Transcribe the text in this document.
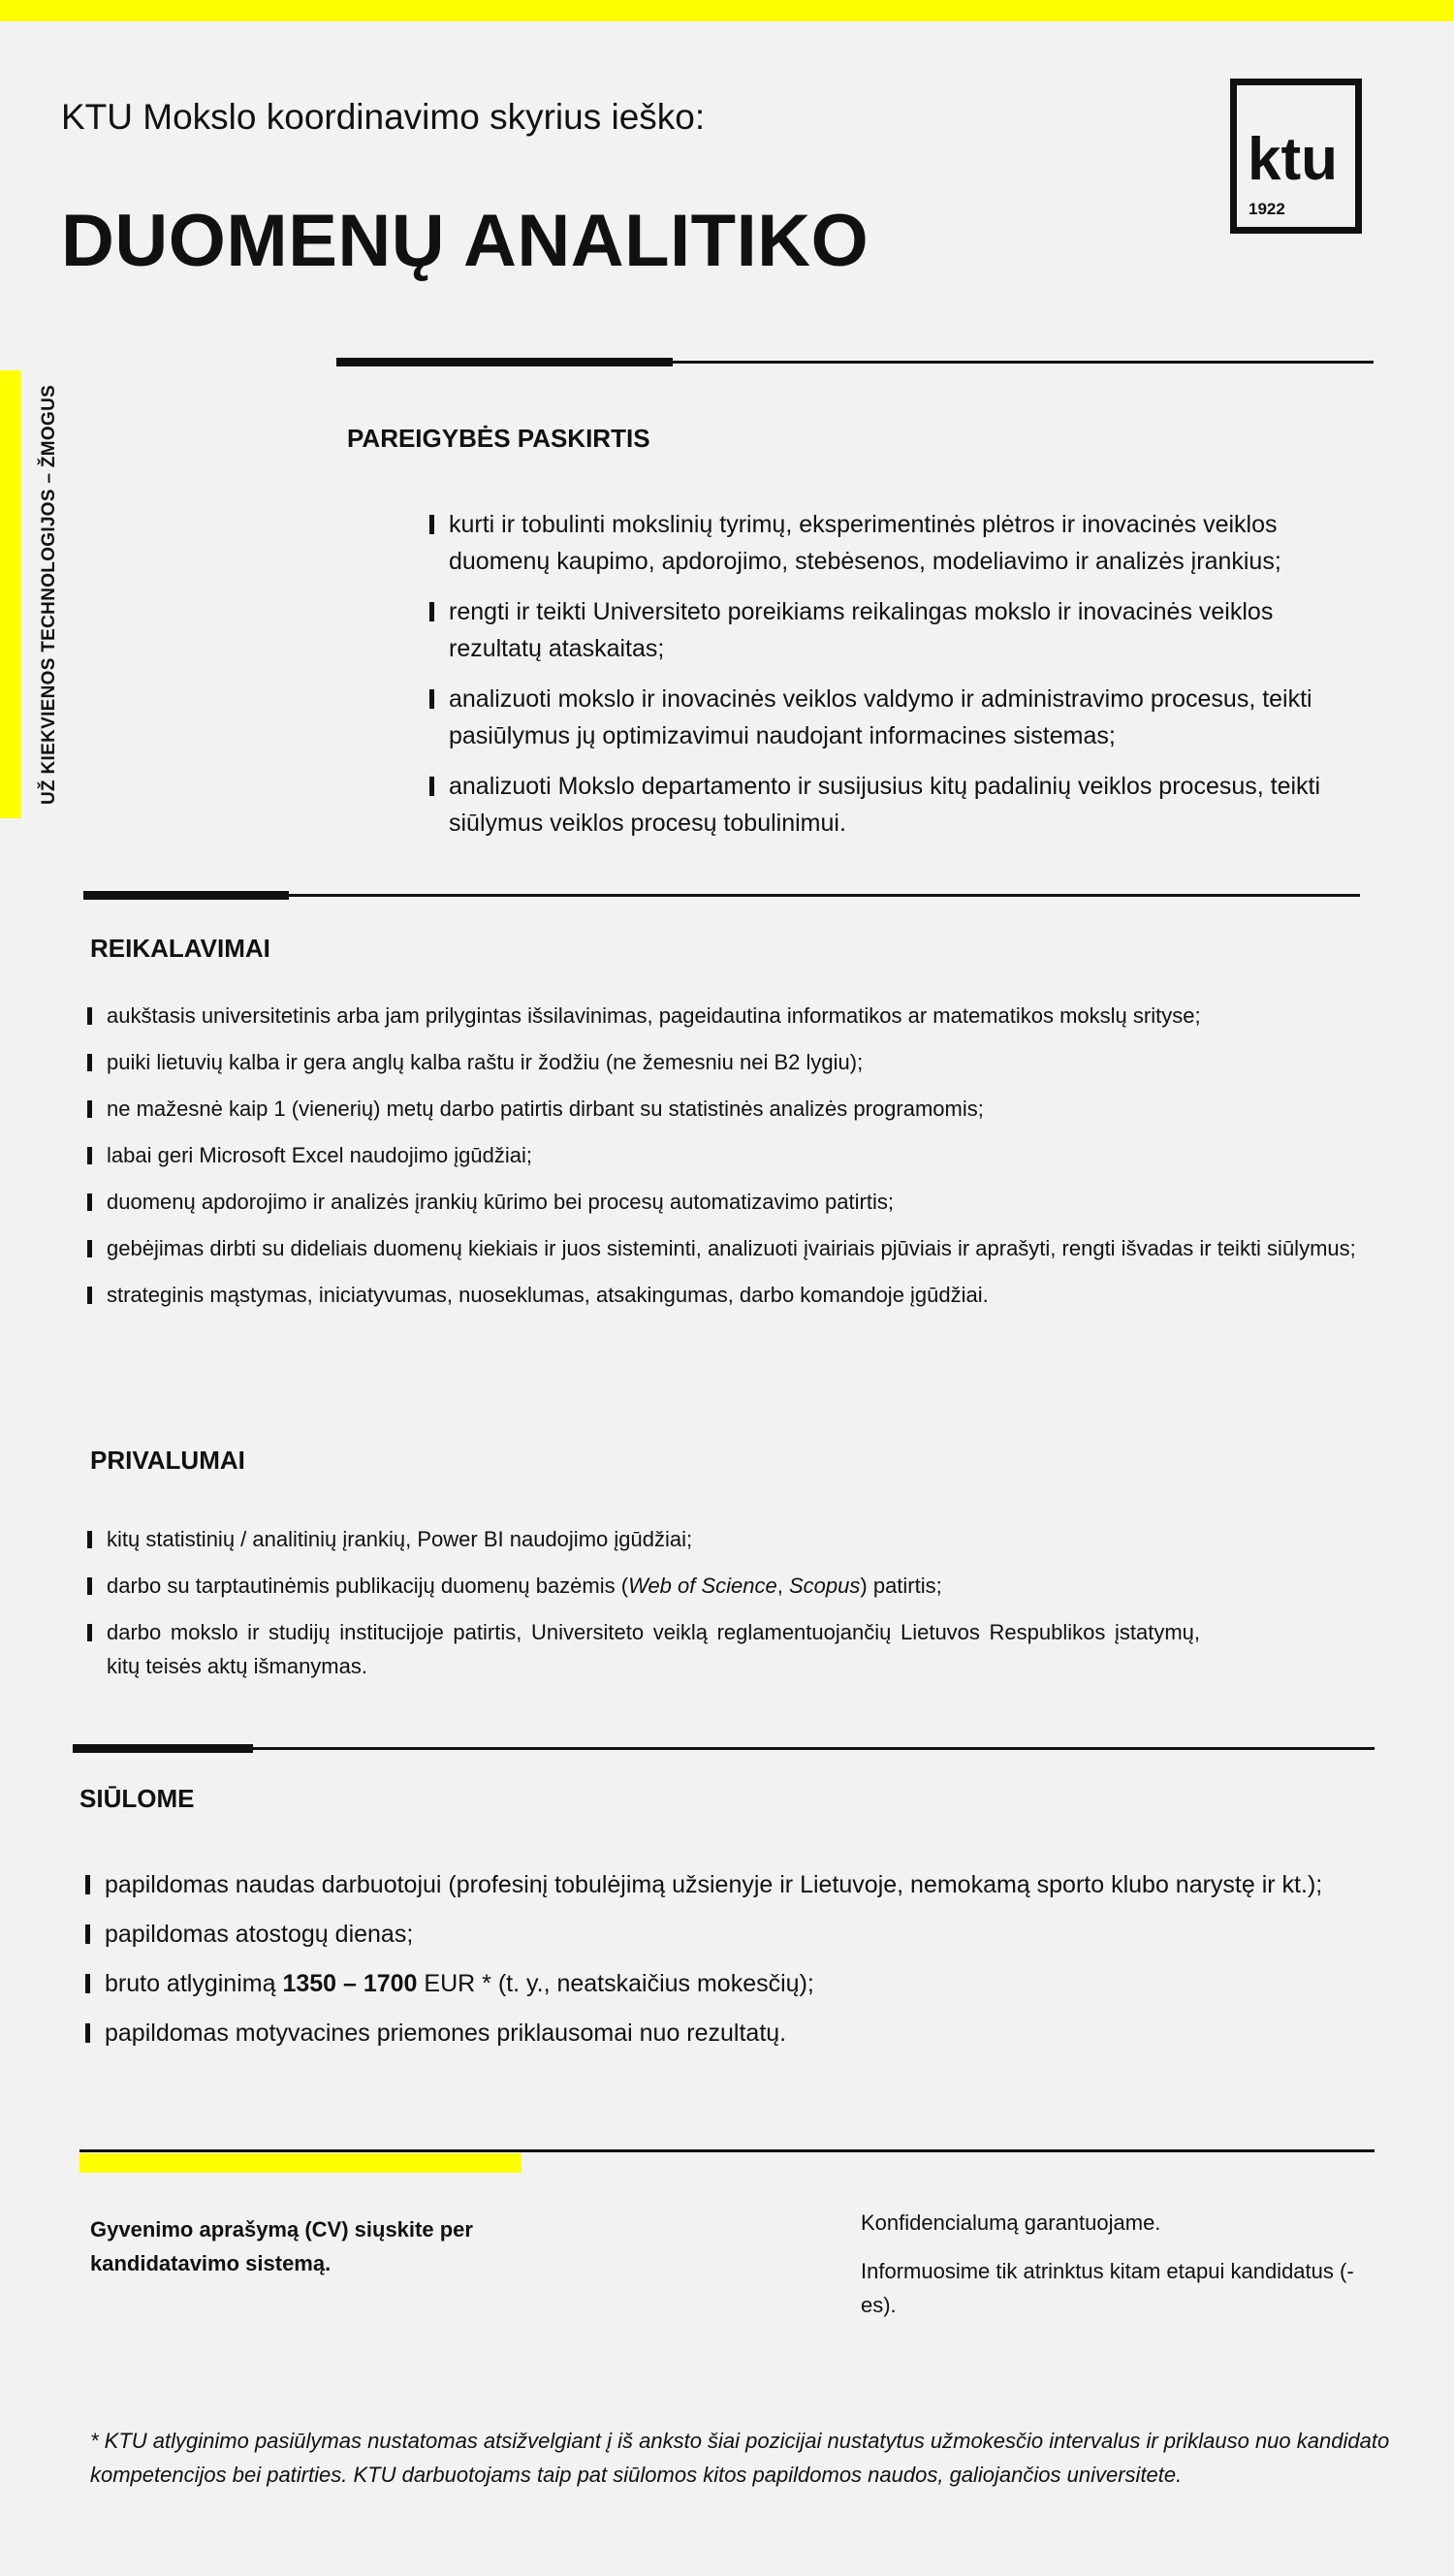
UŽ KIEKVIENOS TECHNOLOGIJOS – ŽMOGUS
KTU Mokslo koordinavimo skyrius ieško:
DUOMENŲ ANALITIKO
ktu
1922
PAREIGYBĖS PASKIRTIS
kurti ir tobulinti mokslinių tyrimų, eksperimentinės plėtros ir inovacinės veiklos duomenų kaupimo, apdorojimo, stebėsenos, modeliavimo ir analizės įrankius;
rengti ir teikti Universiteto poreikiams reikalingas mokslo ir inovacinės veiklos rezultatų ataskaitas;
analizuoti mokslo ir inovacinės veiklos valdymo ir administravimo procesus, teikti pasiūlymus jų optimizavimui naudojant informacines sistemas;
analizuoti Mokslo departamento ir susijusius kitų padalinių veiklos procesus, teikti siūlymus veiklos procesų tobulinimui.
REIKALAVIMAI
aukštasis universitetinis arba jam prilygintas išsilavinimas, pageidautina informatikos ar matematikos mokslų srityse;
puiki lietuvių kalba ir gera anglų kalba raštu ir žodžiu (ne žemesniu nei B2 lygiu);
ne mažesnė kaip 1 (vienerių) metų darbo patirtis dirbant su statistinės analizės programomis;
labai geri Microsoft Excel naudojimo įgūdžiai;
duomenų apdorojimo ir analizės įrankių kūrimo bei procesų automatizavimo patirtis;
gebėjimas dirbti su dideliais duomenų kiekiais ir juos sisteminti, analizuoti įvairiais pjūviais ir aprašyti, rengti išvadas ir teikti siūlymus;
strateginis mąstymas, iniciatyvumas, nuoseklumas, atsakingumas, darbo komandoje įgūdžiai.
PRIVALUMAI
kitų statistinių / analitinių įrankių, Power BI naudojimo įgūdžiai;
darbo su tarptautinėmis publikacijų duomenų bazėmis (Web of Science, Scopus) patirtis;
darbo mokslo ir studijų institucijoje patirtis, Universiteto veiklą reglamentuojančių Lietuvos Respublikos įstatymų, kitų teisės aktų išmanymas.
SIŪLOME
papildomas naudas darbuotojui (profesinį tobulėjimą užsienyje ir Lietuvoje, nemokamą sporto klubo narystę ir kt.);
papildomas atostogų dienas;
bruto atlyginimą 1350 – 1700 EUR * (t. y., neatskaičius mokesčių);
papildomas motyvacines priemones priklausomai nuo rezultatų.
Gyvenimo aprašymą (CV) siųskite per kandidatavimo sistemą.

Konfidencialumą garantuojame.

Informuosime tik atrinktus kitam etapui kandidatus (-es).

* KTU atlyginimo pasiūlymas nustatomas atsižvelgiant į iš anksto šiai pozicijai nustatytus užmokesčio intervalus ir priklauso nuo kandidato kompetencijos bei patirties. KTU darbuotojams taip pat siūlomos kitos papildomos naudos, galiojančios universitete.
